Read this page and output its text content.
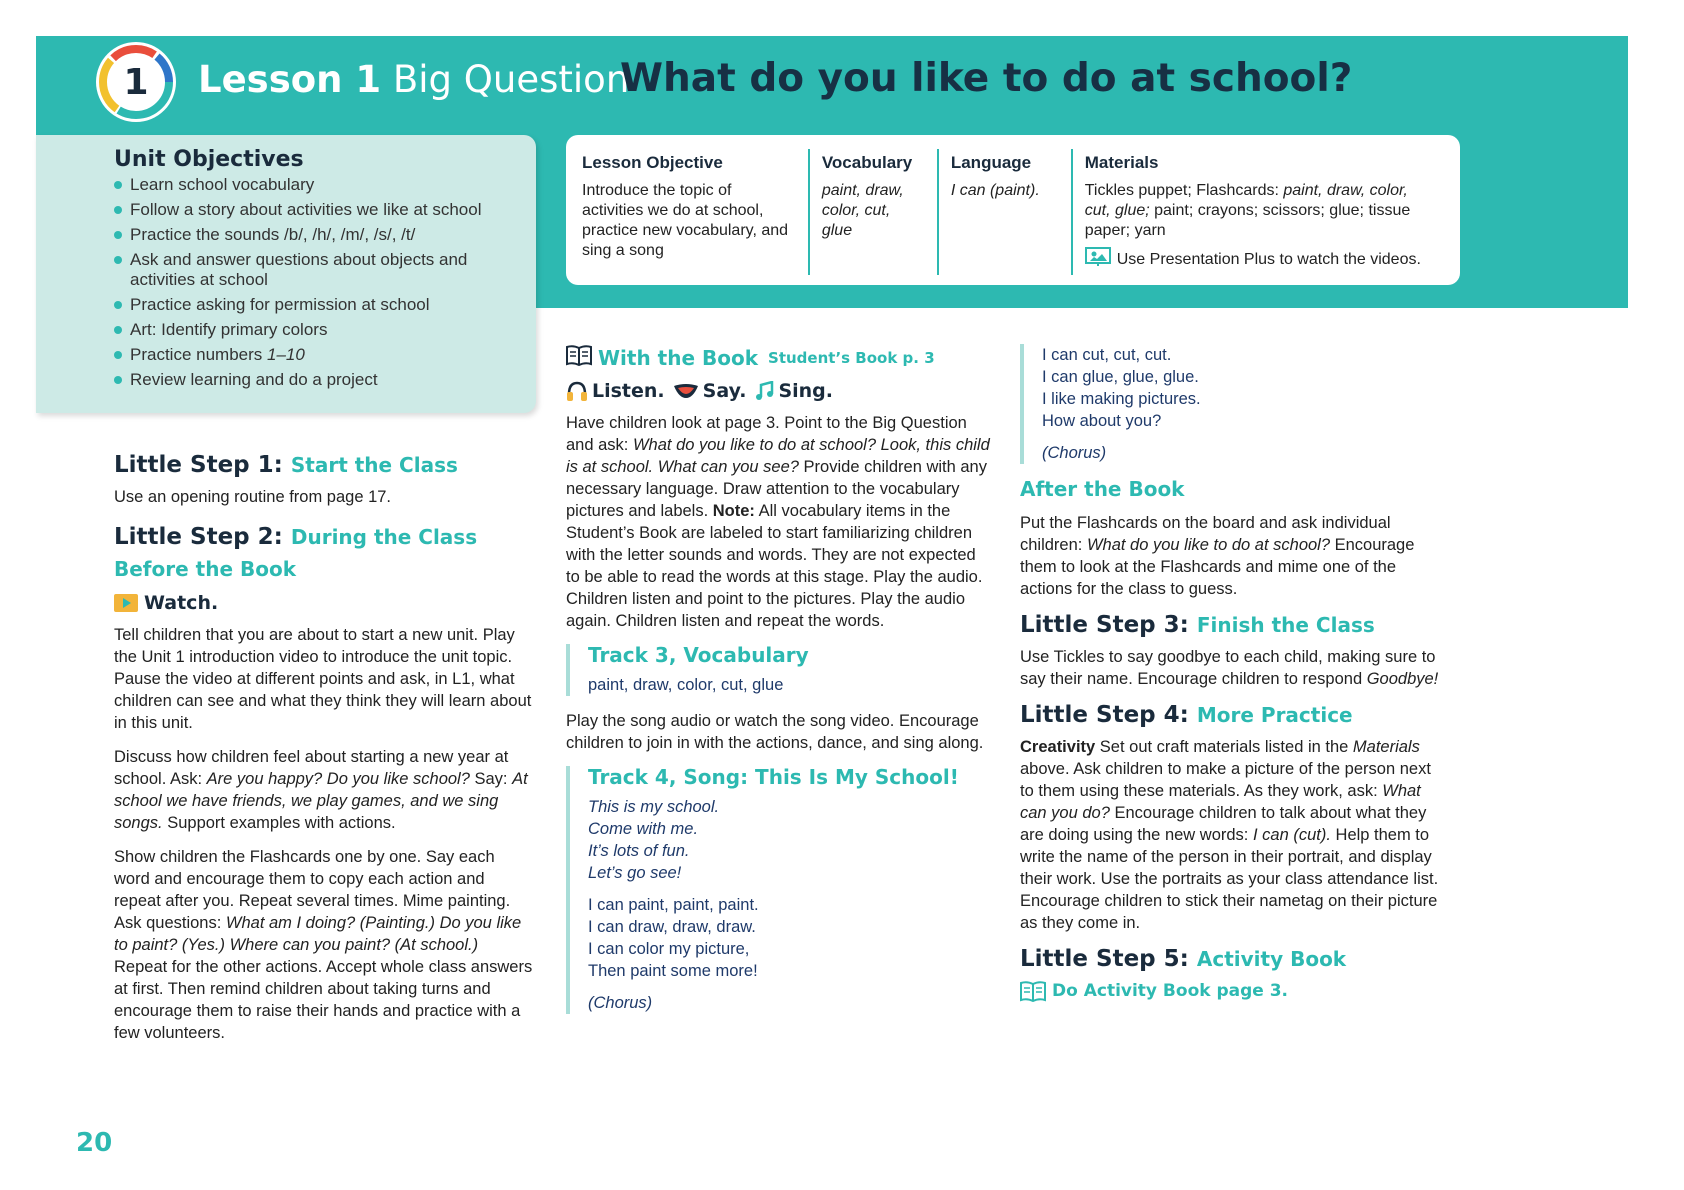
1 Lesson 1 Big Question
What do you like to do at school?
Unit Objectives
Learn school vocabulary
Follow a story about activities we like at school
Practice the sounds /b/, /h/, /m/, /s/, /t/
Ask and answer questions about objects and activities at school
Practice asking for permission at school
Art: Identify primary colors
Practice numbers 1–10
Review learning and do a project
Lesson Objective
Introduce the topic of activities we do at school, practice new vocabulary, and sing a song
Vocabulary
paint, draw, color, cut, glue
Language
I can (paint).
Materials
Tickles puppet; Flashcards: paint, draw, color, cut, glue; paint; crayons; scissors; glue; tissue paper; yarn
Use Presentation Plus to watch the videos.
Little Step 1: Start the Class

Use an opening routine from page 17.

Little Step 2: During the Class
Before the Book
Watch.

Tell children that you are about to start a new unit. Play the Unit 1 introduction video to introduce the unit topic. Pause the video at different points and ask, in L1, what children can see and what they think they will learn about in this unit.

Discuss how children feel about starting a new year at school. Ask: Are you happy? Do you like school? Say: At school we have friends, we play games, and we sing songs. Support examples with actions.

Show children the Flashcards one by one. Say each word and encourage them to copy each action and repeat after you. Repeat several times. Mime painting. Ask questions: What am I doing? (Painting.) Do you like to paint? (Yes.) Where can you paint? (At school.) Repeat for the other actions. Accept whole class answers at first. Then remind children about taking turns and encourage them to raise their hands and practice with a few volunteers.

With the Book Student’s Book p. 3
Listen. Say. Sing.

Have children look at page 3. Point to the Big Question and ask: What do you like to do at school? Look, this child is at school. What can you see? Provide children with any necessary language. Draw attention to the vocabulary pictures and labels. Note: All vocabulary items in the Student’s Book are labeled to start familiarizing children with the letter sounds and words. They are not expected to be able to read the words at this stage. Play the audio. Children listen and point to the pictures. Play the audio again. Children listen and repeat the words.

Track 3, Vocabulary
paint, draw, color, cut, glue

Play the song audio or watch the song video. Encourage children to join in with the actions, dance, and sing along.

Track 4, Song: This Is My School!
This is my school.
Come with me.
It’s lots of fun.
Let’s go see!
I can paint, paint, paint.
I can draw, draw, draw.
I can color my picture,
Then paint some more!
(Chorus)
I can cut, cut, cut.
I can glue, glue, glue.
I like making pictures.
How about you?
(Chorus)
After the Book

Put the Flashcards on the board and ask individual children: What do you like to do at school? Encourage them to look at the Flashcards and mime one of the actions for the class to guess.

Little Step 3: Finish the Class

Use Tickles to say goodbye to each child, making sure to say their name. Encourage children to respond Goodbye!

Little Step 4: More Practice

Creativity Set out craft materials listed in the Materials above. Ask children to make a picture of the person next to them using these materials. As they work, ask: What can you do? Encourage children to talk about what they are doing using the new words: I can (cut). Help them to write the name of the person in their portrait, and display their work. Use the portraits as your class attendance list. Encourage children to stick their nametag on their picture as they come in.

Little Step 5: Activity Book
Do Activity Book page 3.
20
